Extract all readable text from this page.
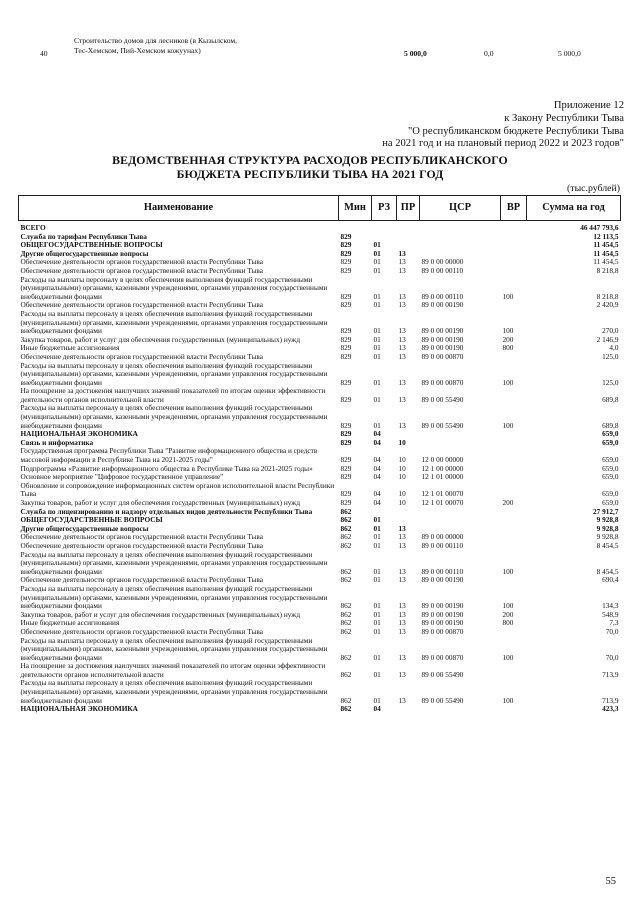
40
Строительство домов для лесников (в Кызылском, Тес-Хемском, Пий-Хемском кожуунах)	5 000,0	0,0	5 000,0
Приложение 12
к Закону Республики Тыва
"О республиканском бюджете Республики Тыва
на 2021 год и на плановый период 2022 и 2023 годов"
ВЕДОМСТВЕННАЯ СТРУКТУРА РАСХОДОВ РЕСПУБЛИКАНСКОГО
БЮДЖЕТА РЕСПУБЛИКИ ТЫВА НА 2021 ГОД
(тыс.рублей)
Наименование	Мин	РЗ	ПР	ЦСР	ВР	Сумма на год
ВСЕГО						46 447 793,6
Служба по тарифам Республики Тыва	829					12 113,5
ОБЩЕГОСУДАРСТВЕННЫЕ ВОПРОСЫ	829	01				11 454,5
Другие общегосударственные вопросы	829	01	13			11 454,5
Обеспечение деятельности органов государственной власти Республики Тыва	829	01	13	89 0 00 00000		11 454,5
Обеспечение деятельности органов государственной власти Республики Тыва	829	01	13	89 0 00 00110		8 218,8
Расходы на выплаты персоналу в целях обеспечения выполнения функций государственными (муниципальными) органами, казенными учреждениями, органами управления государственными внебюджетными фондами	829	01	13	89 0 00 00110	100	8 218,8
Обеспечение деятельности органов государственной власти Республики Тыва	829	01	13	89 0 00 00190		2 420,9
Расходы на выплаты персоналу в целях обеспечения выполнения функций государственными (муниципальными) органами, казенными учреждениями, органами управления государственными внебюджетными фондами	829	01	13	89 0 00 00190	100	270,0
Закупка товаров, работ и услуг для обеспечения государственных (муниципальных) нужд	829	01	13	89 0 00 00190	200	2 146,9
Иные бюджетные ассигнования	829	01	13	89 0 00 00190	800	4,0
Обеспечение деятельности органов государственной власти Республики Тыва	829	01	13	89 0 00 00870		125,0
Расходы на выплаты персоналу в целях обеспечения выполнения функций государственными (муниципальными) органами, казенными учреждениями, органами управления государственными внебюджетными фондами	829	01	13	89 0 00 00870	100	125,0
На поощрение за достижения наилучших значений показателей по итогам оценки эффективности деятельности органов исполнительной власти	829	01	13	89 0 00 55490		689,8
Расходы на выплаты персоналу в целях обеспечения выполнения функций государственными (муниципальными) органами, казенными учреждениями, органами управления государственными внебюджетными фондами	829	01	13	89 0 00 55490	100	689,8
НАЦИОНАЛЬНАЯ ЭКОНОМИКА	829	04				659,0
Связь и информатика	829	04	10			659,0
Государственная программа Республики Тыва "Развитие информационного общества и средств массовой информации в Республике Тыва на 2021-2025 годы"	829	04	10	12 0 00 00000		659,0
Подпрограмма «Развитие информационного общества в Республике Тыва на 2021-2025 годы»	829	04	10	12 1 00 00000		659,0
Основное мероприятие "Цифровое государственное управление"	829	04	10	12 1 01 00000		659,0
Обновление и сопровождение информационных систем органов исполнительной власти Республики Тыва	829	04	10	12 1 01 00070		659,0
Закупка товаров, работ и услуг для обеспечения государственных (муниципальных) нужд	829	04	10	12 1 01 00070	200	659,0
Служба по лицензированию и надзору отдельных видов деятельности Республики Тыва	862					27 912,7
ОБЩЕГОСУДАРСТВЕННЫЕ ВОПРОСЫ	862	01				9 928,8
Другие общегосударственные вопросы	862	01	13			9 928,8
Обеспечение деятельности органов государственной власти Республики Тыва	862	01	13	89 0 00 00000		9 928,8
Обеспечение деятельности органов государственной власти Республики Тыва	862	01	13	89 0 00 00110		8 454,5
Расходы на выплаты персоналу в целях обеспечения выполнения функций государственными (муниципальными) органами, казенными учреждениями, органами управления государственными внебюджетными фондами	862	01	13	89 0 00 00110	100	8 454,5
Обеспечение деятельности органов государственной власти Республики Тыва	862	01	13	89 0 00 00190		690,4
Расходы на выплаты персоналу в целях обеспечения выполнения функций государственными (муниципальными) органами, казенными учреждениями, органами управления государственными внебюджетными фондами	862	01	13	89 0 00 00190	100	134,3
Закупка товаров, работ и услуг для обеспечения государственных (муниципальных) нужд	862	01	13	89 0 00 00190	200	548,9
Иные бюджетные ассигнования	862	01	13	89 0 00 00190	800	7,3
Обеспечение деятельности органов государственной власти Республики Тыва	862	01	13	89 0 00 00870		70,0
Расходы на выплаты персоналу в целях обеспечения выполнения функций государственными (муниципальными) органами, казенными учреждениями, органами управления государственными внебюджетными фондами	862	01	13	89 0 00 00870	100	70,0
На поощрение за достижения наилучших значений показателей по итогам оценки эффективности деятельности органов исполнительной власти	862	01	13	89 0 00 55490		713,9
Расходы на выплаты персоналу в целях обеспечения выполнения функций государственными (муниципальными) органами, казенными учреждениями, органами управления государственными внебюджетными фондами	862	01	13	89 0 00 55490	100	713,9
НАЦИОНАЛЬНАЯ ЭКОНОМИКА	862	04				423,3
55
